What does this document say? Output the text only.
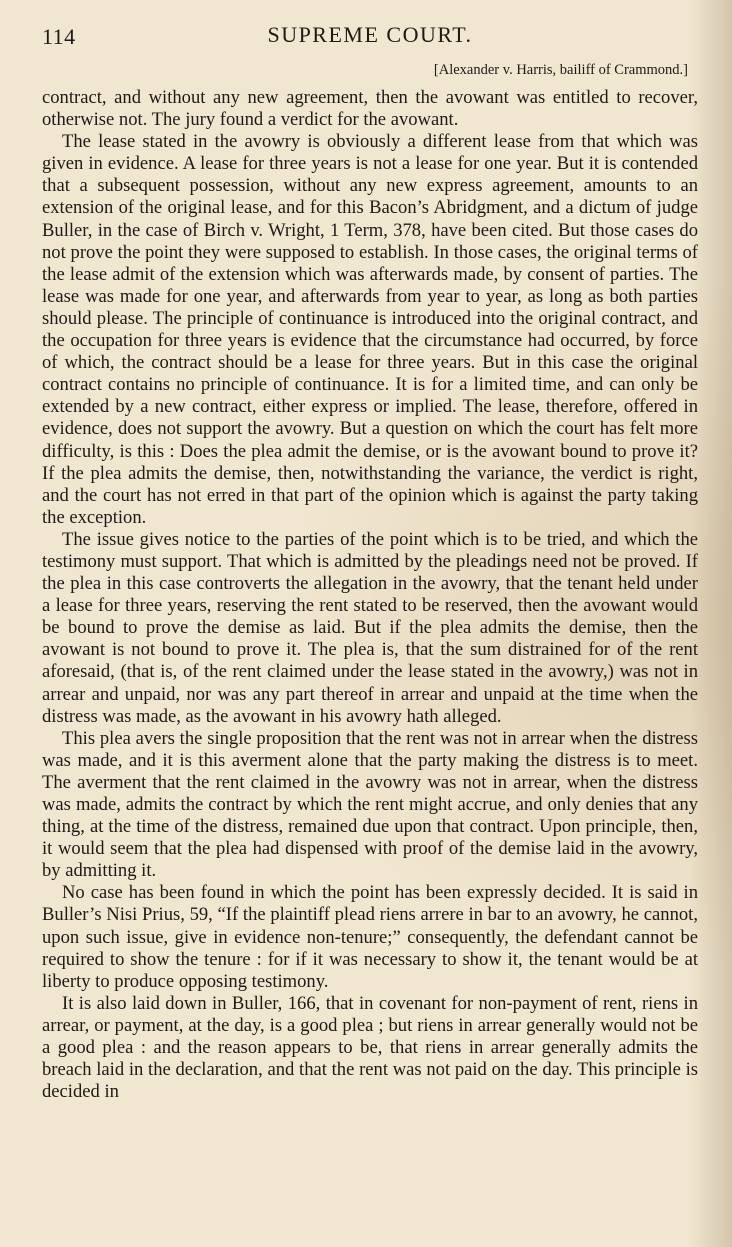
114	SUPREME COURT.
[Alexander v. Harris, bailiff of Crammond.]

contract, and without any new agreement, then the avowant was entitled to recover, otherwise not. The jury found a verdict for the avowant.

The lease stated in the avowry is obviously a different lease from that which was given in evidence. A lease for three years is not a lease for one year. But it is contended that a subsequent possession, without any new express agreement, amounts to an extension of the original lease, and for this Bacon’s Abridgment, and a dictum of judge Buller, in the case of Birch v. Wright, 1 Term, 378, have been cited. But those cases do not prove the point they were supposed to establish. In those cases, the original terms of the lease admit of the extension which was afterwards made, by consent of parties. The lease was made for one year, and afterwards from year to year, as long as both parties should please. The principle of continuance is introduced into the original contract, and the occupation for three years is evidence that the circumstance had occurred, by force of which, the contract should be a lease for three years. But in this case the original contract contains no principle of continuance. It is for a limited time, and can only be extended by a new contract, either express or implied. The lease, therefore, offered in evidence, does not support the avowry. But a question on which the court has felt more difficulty, is this : Does the plea admit the demise, or is the avowant bound to prove it? If the plea admits the demise, then, notwithstanding the variance, the verdict is right, and the court has not erred in that part of the opinion which is against the party taking the exception.

The issue gives notice to the parties of the point which is to be tried, and which the testimony must support. That which is admitted by the pleadings need not be proved. If the plea in this case controverts the allegation in the avowry, that the tenant held under a lease for three years, reserving the rent stated to be reserved, then the avowant would be bound to prove the demise as laid. But if the plea admits the demise, then the avowant is not bound to prove it. The plea is, that the sum distrained for of the rent aforesaid, (that is, of the rent claimed under the lease stated in the avowry,) was not in arrear and unpaid, nor was any part thereof in arrear and unpaid at the time when the distress was made, as the avowant in his avowry hath alleged.

This plea avers the single proposition that the rent was not in arrear when the distress was made, and it is this averment alone that the party making the distress is to meet. The averment that the rent claimed in the avowry was not in arrear, when the distress was made, admits the contract by which the rent might accrue, and only denies that any thing, at the time of the distress, remained due upon that contract. Upon principle, then, it would seem that the plea had dispensed with proof of the demise laid in the avowry, by admitting it.

No case has been found in which the point has been expressly decided. It is said in Buller’s Nisi Prius, 59, “If the plaintiff plead riens arrere in bar to an avowry, he cannot, upon such issue, give in evidence non-tenure;” consequently, the defendant cannot be required to show the tenure : for if it was necessary to show it, the tenant would be at liberty to produce opposing testimony.

It is also laid down in Buller, 166, that in covenant for non-payment of rent, riens in arrear, or payment, at the day, is a good plea ; but riens in arrear generally would not be a good plea : and the reason appears to be, that riens in arrear generally admits the breach laid in the declaration, and that the rent was not paid on the day. This principle is decided in
